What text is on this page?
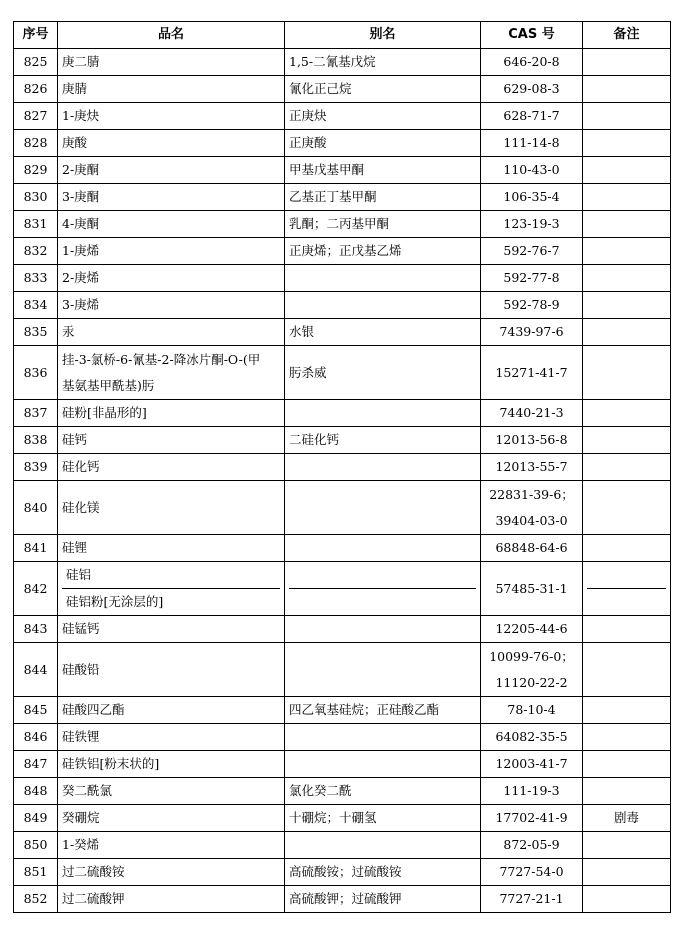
序号	品名	别名	CAS 号	备注
825	庚二腈	1,5-二氰基戊烷	646-20-8	
826	庚腈	氰化正己烷	629-08-3	
827	1-庚炔	正庚炔	628-71-7	
828	庚酸	正庚酸	111-14-8	
829	2-庚酮	甲基戊基甲酮	110-43-0	
830	3-庚酮	乙基正丁基甲酮	106-35-4	
831	4-庚酮	乳酮；二丙基甲酮	123-19-3	
832	1-庚烯	正庚烯；正戊基乙烯	592-76-7	
833	2-庚烯		592-77-8	
834	3-庚烯		592-78-9	
835	汞	水银	7439-97-6	
836	挂-3-氯桥-6-氰基-2-降冰片酮-O-(甲
基氨基甲酰基)肟	肟杀威	15271-41-7	
837	硅粉[非晶形的]		7440-21-3	
838	硅钙	二硅化钙	12013-56-8	
839	硅化钙		12013-55-7	
840	硅化镁		22831-39-6；
39404-03-0	

841	硅锂		68848-64-6	
842	硅铝
硅铝粉[无涂层的]		57485-31-1	

843	硅锰钙		12205-44-6	
844	硅酸铅		10099-76-0；
11120-22-2	

845	硅酸四乙酯	四乙氧基硅烷；正硅酸乙酯	78-10-4	
846	硅铁锂		64082-35-5	
847	硅铁铝[粉末状的]		12003-41-7	
848	癸二酰氯	氯化癸二酰	111-19-3	
849	癸硼烷	十硼烷；十硼氢	17702-41-9	剧毒
850	1-癸烯		872-05-9	
851	过二硫酸铵	高硫酸铵；过硫酸铵	7727-54-0	
852	过二硫酸钾	高硫酸钾；过硫酸钾	7727-21-1	
